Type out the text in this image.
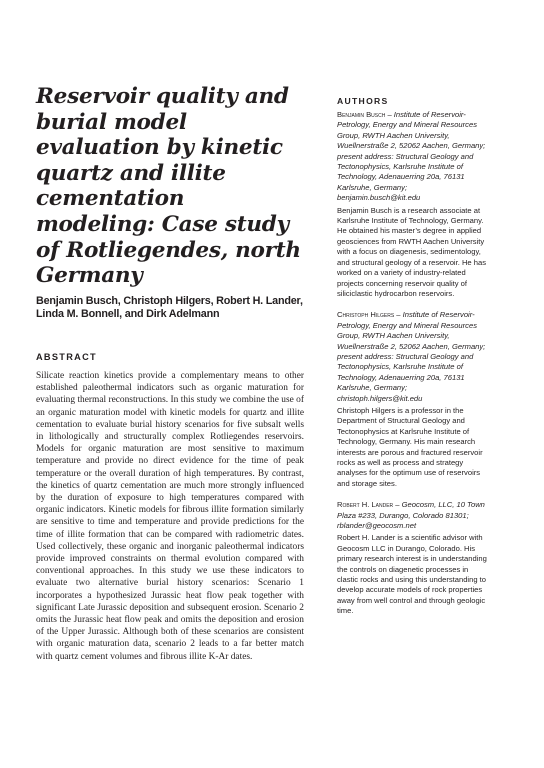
Reservoir quality and burial model evaluation by kinetic quartz and illite cementation modeling: Case study of Rotliegendes, north Germany
Benjamin Busch, Christoph Hilgers, Robert H. Lander, Linda M. Bonnell, and Dirk Adelmann
ABSTRACT
Silicate reaction kinetics provide a complementary means to other established paleothermal indicators such as organic maturation for evaluating thermal reconstructions. In this study we combine the use of an organic maturation model with kinetic models for quartz and illite cementation to evaluate burial history scenarios for five subsalt wells in lithologically and structurally complex Rotliegendes reservoirs. Models for organic maturation are most sensitive to maximum temperature and provide no direct evidence for the time of peak temperature or the overall duration of high temperatures. By contrast, the kinetics of quartz cementation are much more strongly influenced by the duration of exposure to high temperatures compared with organic indicators. Kinetic models for fibrous illite formation similarly are sensitive to time and temperature and provide predictions for the time of illite formation that can be compared with radiometric dates. Used collectively, these organic and inorganic paleothermal indicators provide improved constraints on thermal evolution compared with conventional approaches. In this study we use these indicators to evaluate two alternative burial history scenarios: Scenario 1 incorporates a hypothesized Jurassic heat flow peak together with significant Late Jurassic deposition and subsequent erosion. Scenario 2 omits the Jurassic heat flow peak and omits the deposition and erosion of the Upper Jurassic. Although both of these scenarios are consistent with organic maturation data, scenario 2 leads to a far better match with quartz cement volumes and fibrous illite K-Ar dates.
AUTHORS
Benjamin Busch – Institute of Reservoir-Petrology, Energy and Mineral Resources Group, RWTH Aachen University, Wuellnerstraße 2, 52062 Aachen, Germany; present address: Structural Geology and Tectonophysics, Karlsruhe Institute of Technology, Adenauerring 20a, 76131 Karlsruhe, Germany; benjamin.busch@kit.edu
Benjamin Busch is a research associate at Karlsruhe Institute of Technology, Germany. He obtained his master’s degree in applied geosciences from RWTH Aachen University with a focus on diagenesis, sedimentology, and structural geology of a reservoir. He has worked on a variety of industry-related projects concerning reservoir quality of siliciclastic hydrocarbon reservoirs.
Christoph Hilgers – Institute of Reservoir-Petrology, Energy and Mineral Resources Group, RWTH Aachen University, Wuellnerstraße 2, 52062 Aachen, Germany; present address: Structural Geology and Tectonophysics, Karlsruhe Institute of Technology, Adenauerring 20a, 76131 Karlsruhe, Germany; christoph.hilgers@kit.edu
Christoph Hilgers is a professor in the Department of Structural Geology and Tectonophysics at Karlsruhe Institute of Technology, Germany. His main research interests are porous and fractured reservoir rocks as well as process and strategy analyses for the optimum use of reservoirs and storage sites.
Robert H. Lander – Geocosm, LLC, 10 Town Plaza #233, Durango, Colorado 81301; rblander@geocosm.net
Robert H. Lander is a scientific advisor with Geocosm LLC in Durango, Colorado. His primary research interest is in understanding the controls on diagenetic processes in clastic rocks and using this understanding to develop accurate models of rock properties away from well control and through geologic time.
